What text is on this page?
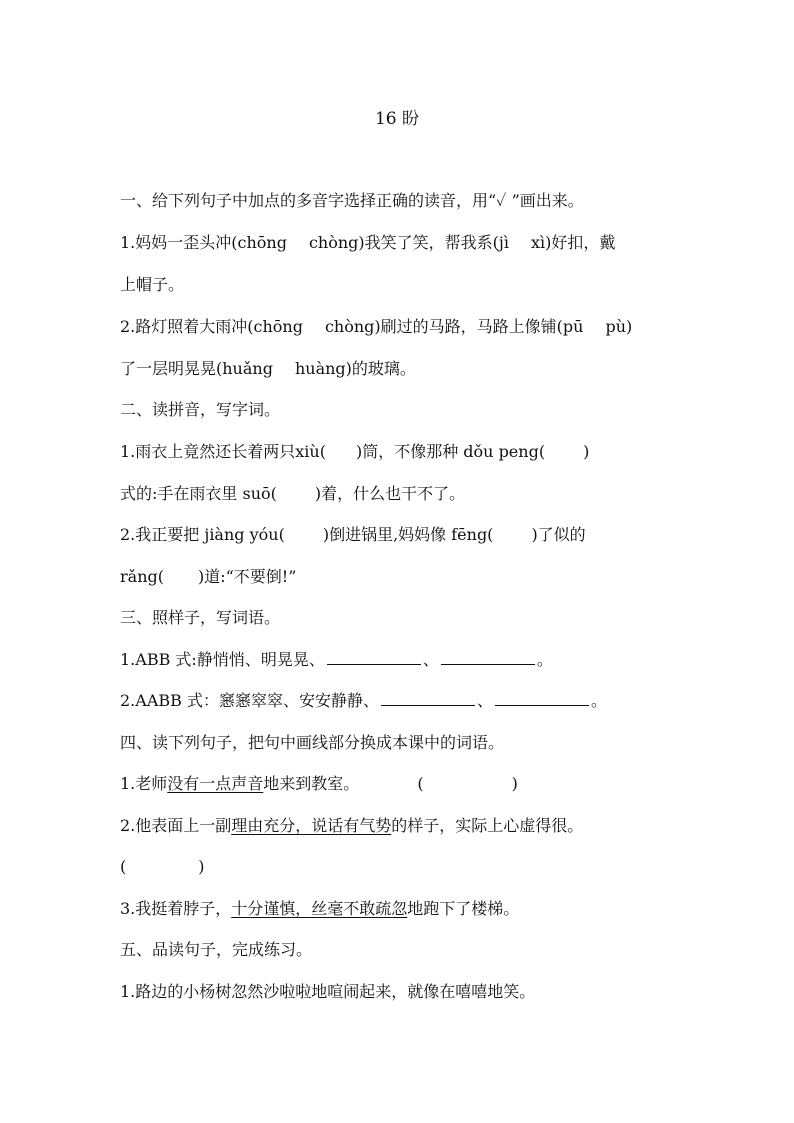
16 盼
一、给下列句子中加点的多音字选择正确的读音，用“✓ ”画出来。
1.妈妈一歪头冲(chōng chòng)我笑了笑，帮我系(jì xì)好扣，戴
上帽子。
2.路灯照着大雨冲(chōng chòng)刷过的马路，马路上像铺(pū pù)
了一层明晃晃(huǎng huàng)的玻璃。
二、读拼音，写字词。
1.雨衣上竟然还长着两只xiù( )筒，不像那种 dǒu peng( )
式的:手在雨衣里 suō( )着，什么也干不了。
2.我正要把 jiàng yóu( )倒进锅里,妈妈像 fēng( )了似的
rǎng( )道:“不要倒!”
三、照样子，写词语。
1.ABB 式:静悄悄、明晃晃、	、	。
2.AABB 式：窸窸窣窣、安安静静、	、	。
四、读下列句子，把句中画线部分换成本课中的词语。
1.老师没有一点声音地来到教室。	(	)
2.他表面上一副理由充分，说话有气势的样子，实际上心虚得很。
(	)
3.我挺着脖子，十分谨慎，丝毫不敢疏忽地跑下了楼梯。
五、品读句子，完成练习。
1.路边的小杨树忽然沙啦啦地喧闹起来，就像在嘻嘻地笑。
